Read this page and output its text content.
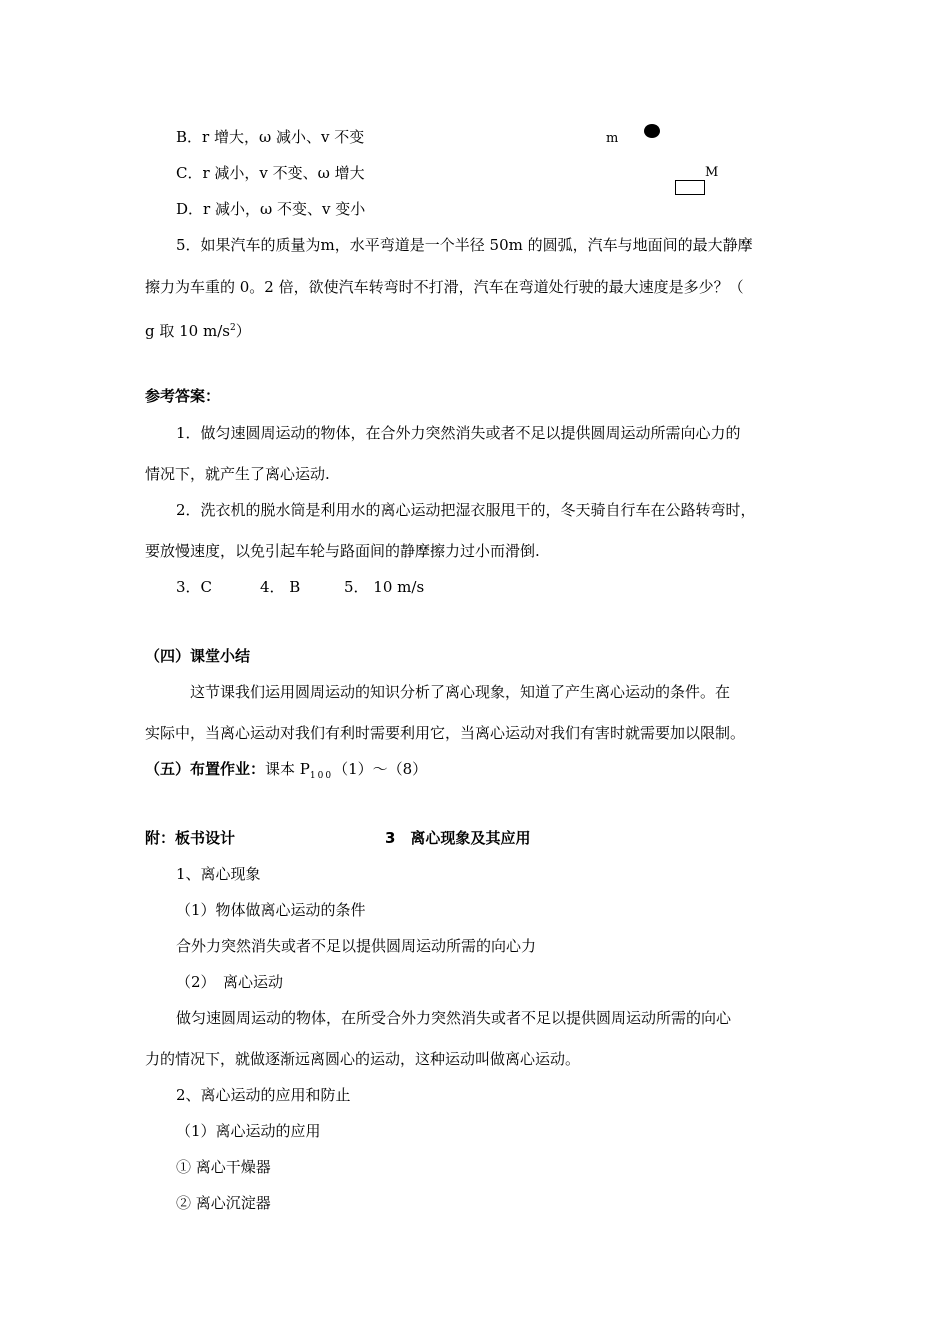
B．r 增大，ω 减小、v 不变
C．r 减小，v 不变、ω 增大
D．r 减小，ω 不变、v 变小
m
M
5．如果汽车的质量为m，水平弯道是一个半径 50m 的圆弧，汽车与地面间的最大静摩
擦力为车重的 0。2 倍，欲使汽车转弯时不打滑，汽车在弯道处行驶的最大速度是多少？（
g 取 10 $m/s^2$）
参考答案：
1．做匀速圆周运动的物体，在合外力突然消失或者不足以提供圆周运动所需向心力的
情况下，就产生了离心运动.
2．洗衣机的脱水筒是利用水的离心运动把湿衣服甩干的，冬天骑自行车在公路转弯时，
要放慢速度，以免引起车轮与路面间的静摩擦力过小而滑倒.
3．C	4． B	5． 10 m/s
（四）课堂小结
这节课我们运用圆周运动的知识分析了离心现象，知道了产生离心运动的条件。在
实际中，当离心运动对我们有利时需要利用它，当离心运动对我们有害时就需要加以限制。
（五）布置作业：课本 $P_{100}(1)\sim(8)$
附：板书设计	3　离心现象及其应用
1、离心现象
（1）物体做离心运动的条件
合外力突然消失或者不足以提供圆周运动所需的向心力
（2）　离心运动
做匀速圆周运动的物体，在所受合外力突然消失或者不足以提供圆周运动所需的向心
力的情况下，就做逐渐远离圆心的运动，这种运动叫做离心运动。
2、离心运动的应用和防止
（1）离心运动的应用
① 离心干燥器
② 离心沉淀器
